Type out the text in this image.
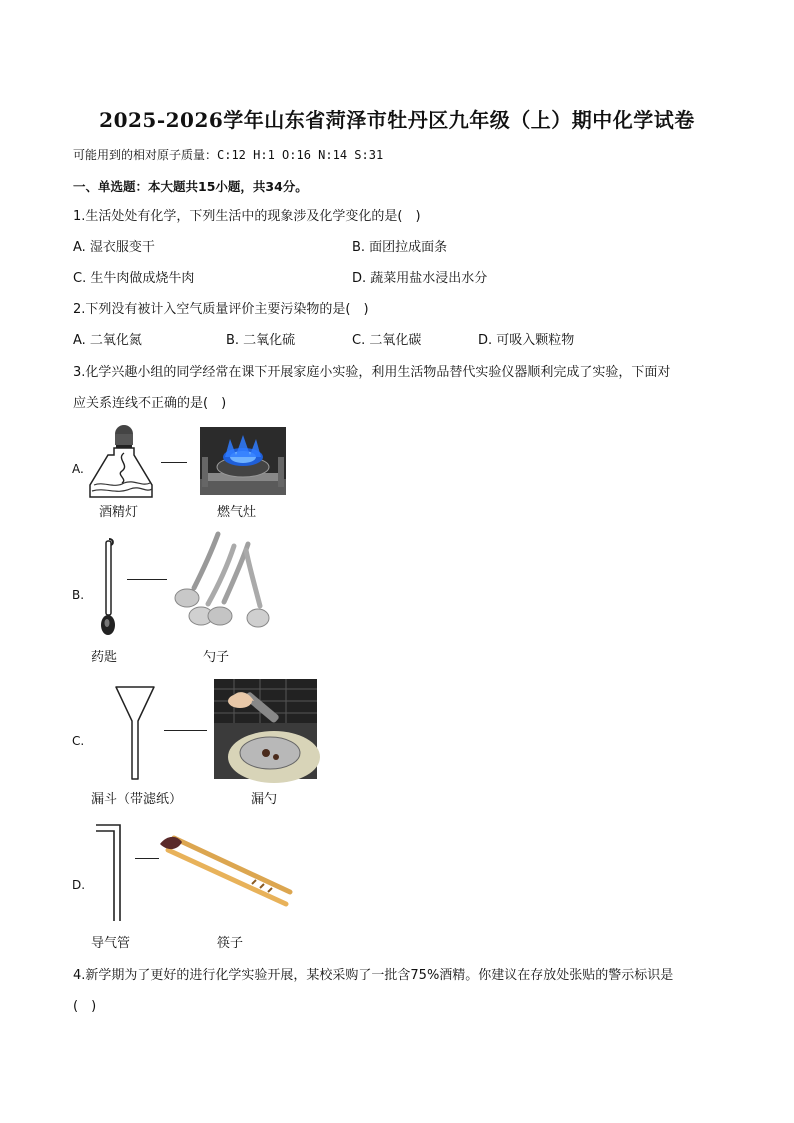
2025-2026学年山东省菏泽市牡丹区九年级（上）期中化学试卷
可能用到的相对原子质量：C:12 H:1 O:16 N:14 S:31
一、单选题：本大题共15小题，共34分。
1.生活处处有化学，下列生活中的现象涉及化学变化的是(　)
A. 湿衣服变干	B. 面团拉成面条
C. 生牛肉做成烧牛肉	D. 蔬菜用盐水浸出水分
2.下列没有被计入空气质量评价主要污染物的是(　)
A. 二氧化氮	B. 二氧化硫	C. 二氧化碳	D. 可吸入颗粒物
3.化学兴趣小组的同学经常在课下开展家庭小实验，利用生活物品替代实验仪器顺利完成了实验，下面对
应关系连线不正确的是(　)
A.
酒精灯	燃气灶
B.
药匙	勺子
C.
漏斗（带滤纸）	漏勺
D.
导气管	筷子
4.新学期为了更好的进行化学实验开展，某校采购了一批含75%酒精。你建议在存放处张贴的警示标识是
(　)
